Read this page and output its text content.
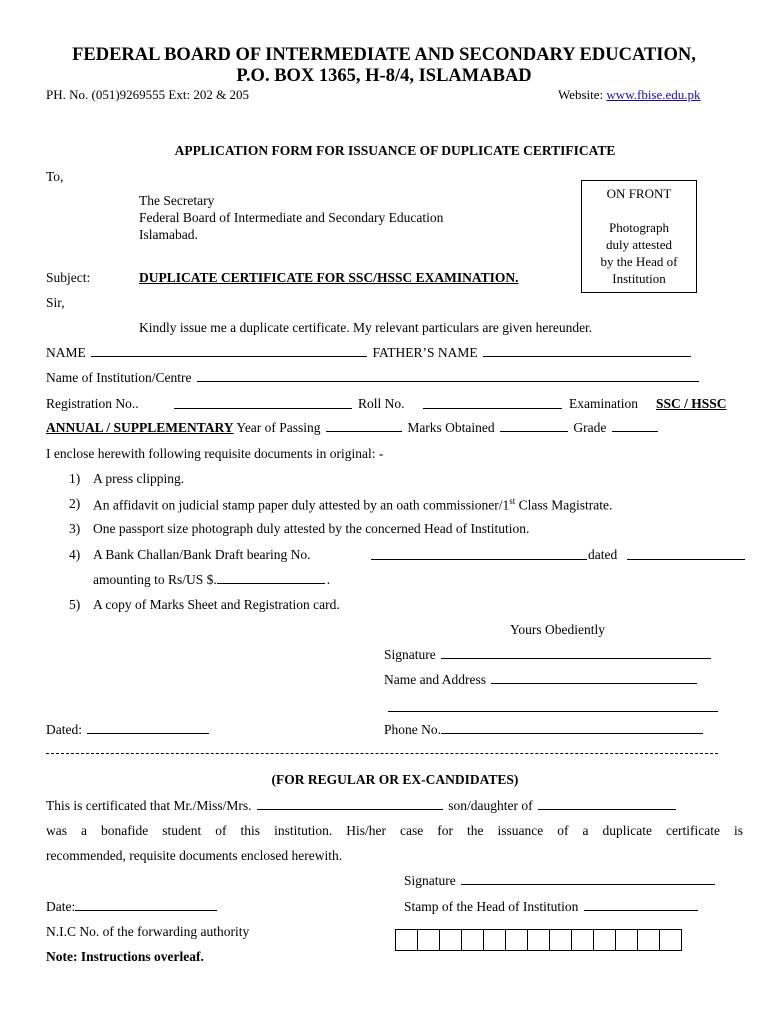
FEDERAL BOARD OF INTERMEDIATE AND SECONDARY EDUCATION,
P.O. BOX 1365, H-8/4, ISLAMABAD
PH. No. (051)9269555 Ext: 202 & 205	Website: www.fbise.edu.pk
APPLICATION FORM FOR ISSUANCE OF DUPLICATE CERTIFICATE
To,
The Secretary
Federal Board of Intermediate and Secondary Education
Islamabad.
ON FRONT
Photograph
duly attested
by the Head of
Institution
Subject:	DUPLICATE CERTIFICATE FOR SSC/HSSC EXAMINATION.
Sir,
Kindly issue me a duplicate certificate. My relevant particulars are given hereunder.
NAME	FATHER’S NAME
Name of Institution/Centre
Registration No..	Roll No.	Examination SSC / HSSC
ANNUAL / SUPPLEMENTARY Year of Passing	Marks Obtained	Grade
I enclose herewith following requisite documents in original: -
1) A press clipping.
2) An affidavit on judicial stamp paper duly attested by an oath commissioner/1st Class Magistrate.
3) One passport size photograph duly attested by the concerned Head of Institution.
4) A Bank Challan/Bank Draft bearing No.	dated
amounting to Rs/US $.	.
5) A copy of Marks Sheet and Registration card.
Yours Obediently
Signature
Name and Address
Dated:	Phone No.
(FOR REGULAR OR EX-CANDIDATES)
This is certificated that Mr./Miss/Mrs.	son/daughter of
was a bonafide student of this institution. His/her case for the issuance of a duplicate certificate is
recommended, requisite documents enclosed herewith.
Signature
Date:	Stamp of the Head of Institution
N.I.C No. of the forwarding authority
Note: Instructions overleaf.
